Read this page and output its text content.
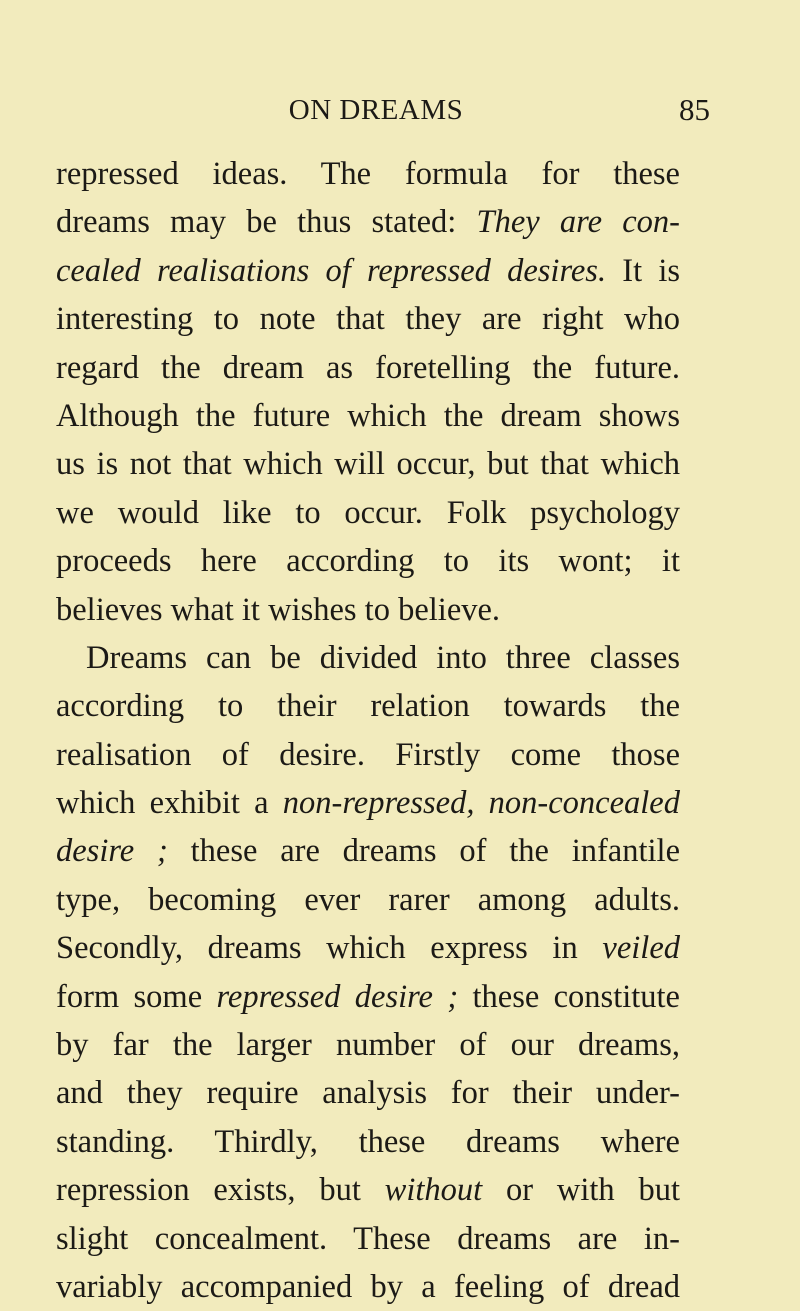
ON DREAMS	85
repressed ideas. The formula for these
dreams may be thus stated: They are con-
cealed realisations of repressed desires. It is
interesting to note that they are right who
regard the dream as foretelling the future.
Although the future which the dream shows
us is not that which will occur, but that which
we would like to occur. Folk psychology
proceeds here according to its wont; it
believes what it wishes to believe.
Dreams can be divided into three classes
according to their relation towards the
realisation of desire. Firstly come those
which exhibit a non-repressed, non-concealed
desire ; these are dreams of the infantile
type, becoming ever rarer among adults.
Secondly, dreams which express in veiled
form some repressed desire ; these constitute
by far the larger number of our dreams,
and they require analysis for their under-
standing. Thirdly, these dreams where
repression exists, but without or with but
slight concealment. These dreams are in-
variably accompanied by a feeling of dread
